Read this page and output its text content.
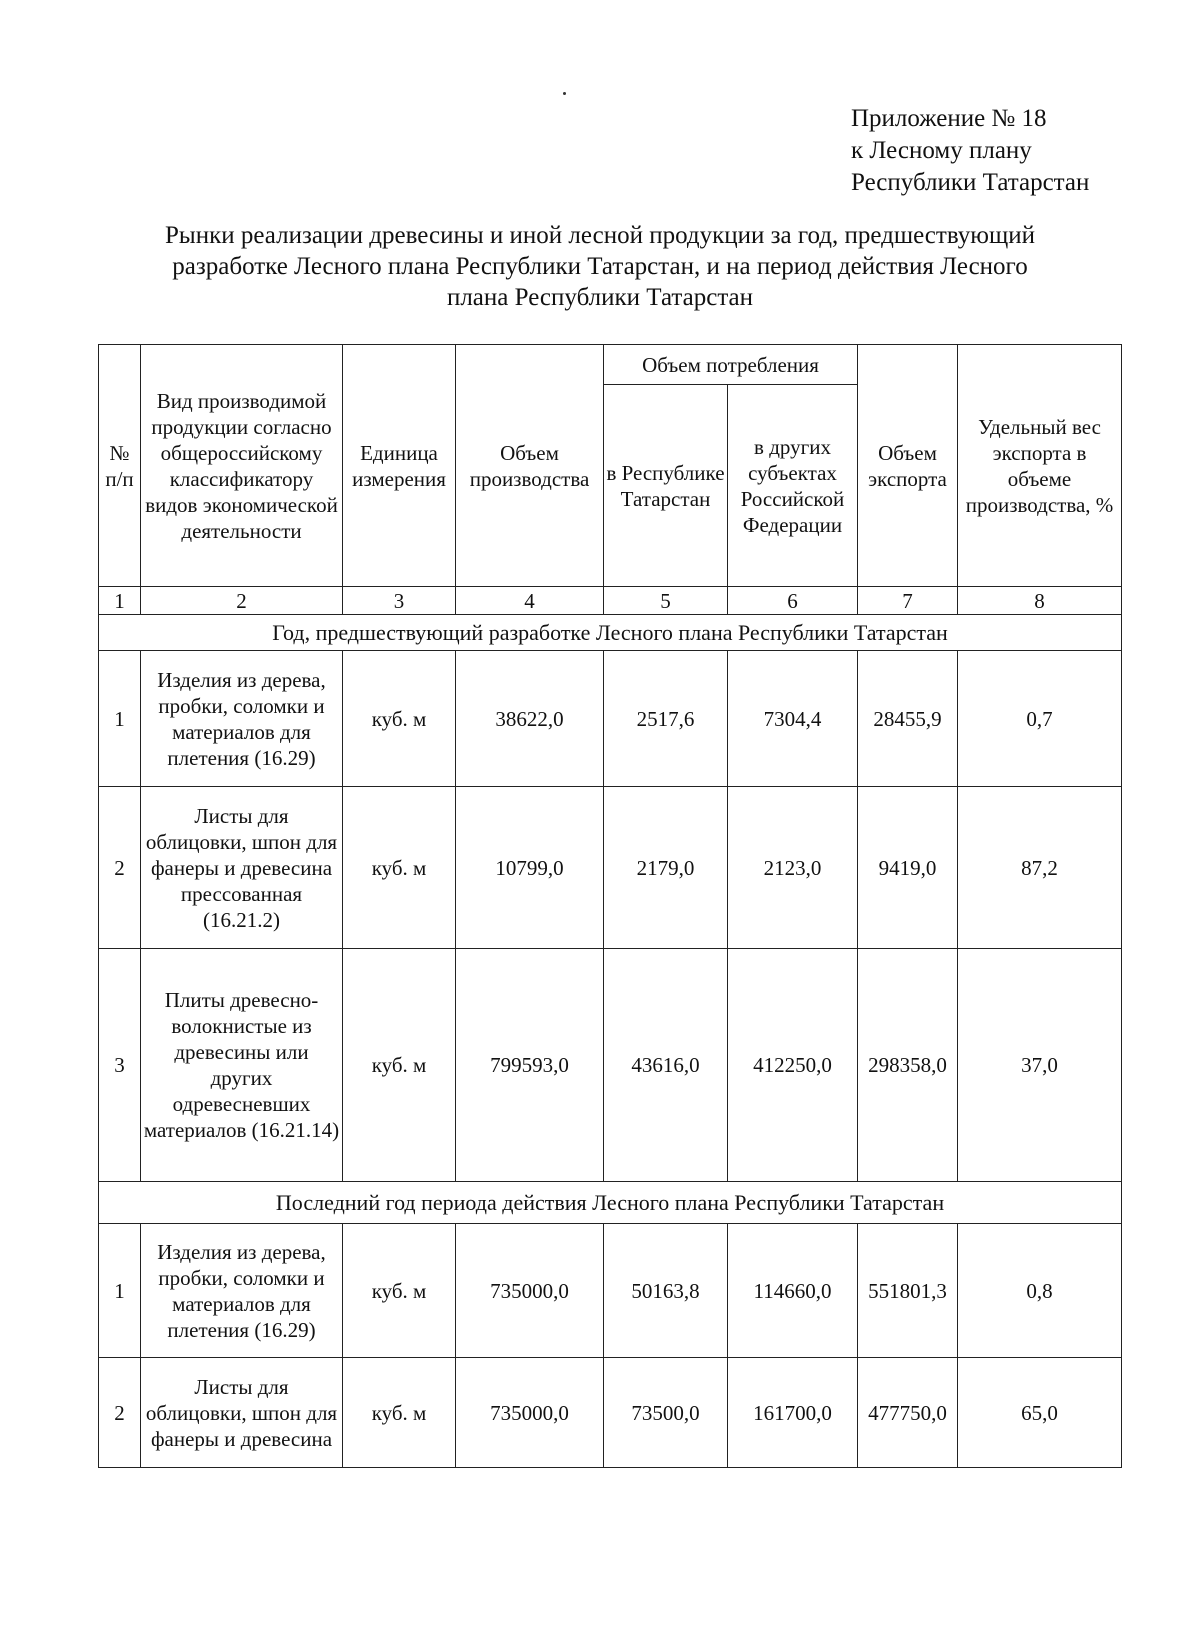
Приложение № 18
к Лесному плану
Республики Татарстан
Рынки реализации древесины и иной лесной продукции за год, предшествующий
разработке Лесного плана Республики Татарстан, и на период действия Лесного
плана Республики Татарстан
№ п/п	Вид производимой продукции согласно общероссийскому классификатору видов экономической деятельности	Единица измерения	Объем производства	Объем потребления		Объем экспорта	Удельный вес экспорта в объеме производства, %
				в Республике Татарстан	в других субъектах Российской Федерации		
1	2	3	4	5	6	7	8
Год, предшествующий разработке Лесного плана Республики Татарстан							
1	Изделия из дерева, пробки, соломки и материалов для плетения (16.29)	куб. м	38622,0	2517,6	7304,4	28455,9	0,7
2	Листы для облицовки, шпон для фанеры и древесина прессованная (16.21.2)	куб. м	10799,0	2179,0	2123,0	9419,0	87,2
3	Плиты древесно-волокнистые из древесины или других одревесневших материалов (16.21.14)	куб. м	799593,0	43616,0	412250,0	298358,0	37,0
Последний год периода действия Лесного плана Республики Татарстан							
1	Изделия из дерева, пробки, соломки и материалов для плетения (16.29)	куб. м	735000,0	50163,8	114660,0	551801,3	0,8
2	Листы для облицовки, шпон для фанеры и древесина	куб. м	735000,0	73500,0	161700,0	477750,0	65,0
